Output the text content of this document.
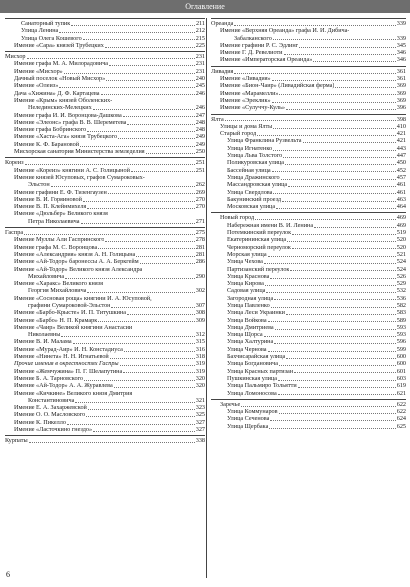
Оглавление
Санаторный тупик	211
Улица Ленина	212
Улица Олега Кошевого	215
Имение «Сара» князей Трубецких	225
Мисхор	231
Имение графа М. А. Милорадовича	231
Имение «Мисхор»	231
Дачный поселок «Новый Мисхор»	240
Имение «Олеиз»	245
Дача «Хижина» Д. Ф. Картацева	246
Имение «Крым» князей Оболенских-
Нелединских-Мелецких	246
Имение графа И. И. Воронцова-Дашкова	247
Имение «Элеонс» графа В. В. Шереметева	248
Имение графа Бобринского	248
Имение «Хаста-Ага» князя Трубецкого	249
Имение К. Ф. Барановой	249
Мисхорская санатория Министерства земледелия	250
Кореиз	251
Имение «Кореиз» княгини А. С. Голицыной	251
Имение князей Юсуповых, графов Сумароковых-
Эльстон	262
Имение графини Е. Ф. Тизенгаузен	269
Имение В. И. Горяиновой	270
Имение В. П. Клейнмихеля	270
Имение «Дюльбер» Великого князя
Петра Николаевича	271
Гаспра	275
Имение Муллы Али Гаспринского	278
Имение графа М. С. Воронцова	281
Имение «Александрия» князя А. Н. Голицына	281
Имение «Ай-Тодор» баронессы А. А. Беркгейм	286
Имение «Ай-Тодор» Великого князя Александра
Михайловича	290
Имение «Харакс» Великого князя
Георгия Михайловича	302
Имение «Сосновая роща» княгини И. А. Юсуповой,
графини Сумароковой-Эльстон	307
Имение «Барбо-Крысте» И. П. Титушкина	308
Имение «Барбо» Н. П. Крамарк	309
Имение «Чаир» Великой княгини Анастасии
Николаевны	312
Имение В. И. Малама	315
Имение «Мурад-Аир» И. Н. Констадиуса	316
Имение «Нинета» Н. Н. Игнатьевой	318
Прочие имения в окрестностях Гаспры	319
Имение «Жемчужина» П. Г. Шелапутина	319
Имение Б. А. Тарновского	320
Имение «Ай-Тодор» А. А. Журавлева	320
Имение «Кичкине» Великого князя Дмитрия
Константиновича	321
Имение Е. А. Захаржевской	323
Имение О. О. Масловского	325
Имение К. Пикелло	327
Имение «Ласточкино гнездо»	327
Курпаты	338
Ореанда	339
Имение «Верхняя Ореанда» графа И. И. Дибича-
Забалканского	339
Имение графини Р. С. Эдлинг	345
Имение Г. Д. Ревелиоти	346
Имение «Императорская Ореанда»	346
Ливадия	361
Имение «Ливадия»	361
Имение «Бион-Чаир» (Ливадийская ферма)	369
Имение «Марамелли»	369
Имение «Эреклик»	369
Имение «Сулуччу-Куль»	396
Ялта	398
Улицы и дома Ялты	410
Старый город	421
Улица Франклина Рузвельта	421
Улица Игнатенко	443
Улица Льва Толстого	447
Поликуровская улица	450
Бассейная улица	452
Улица Дражинского	457
Массандровская улица	461
Улица Свердлова	461
Бакунинский проезд	463
Московская улица	464
Новый город	469
Набережная имени В. И. Ленина	469
Потемкинский переулок	519
Екатерининская улица	520
Черноморский переулок	520
Морская улица	521
Улица Чехова	524
Партизанский переулок	524
Улица Краснова	526
Улица Кирова	529
Садовая улица	532
Загородная улица	536
Улица Павленко	582
Улица Леси Украинки	583
Улица Войкова	589
Улица Дмитриева	593
Улица Щорса	593
Улица Халтурина	596
Улица Чернова	599
Бахчисарайская улица	600
Улица Богдановича	600
Улица Красных партизан	601
Пушкинская улица	603
Улица Пальмиро Тольятти	619
Улица Ломоносова	621
Заречье	622
Улица Коммунаров	622
Улица Сеченова	624
Улица Щербака	625
6
